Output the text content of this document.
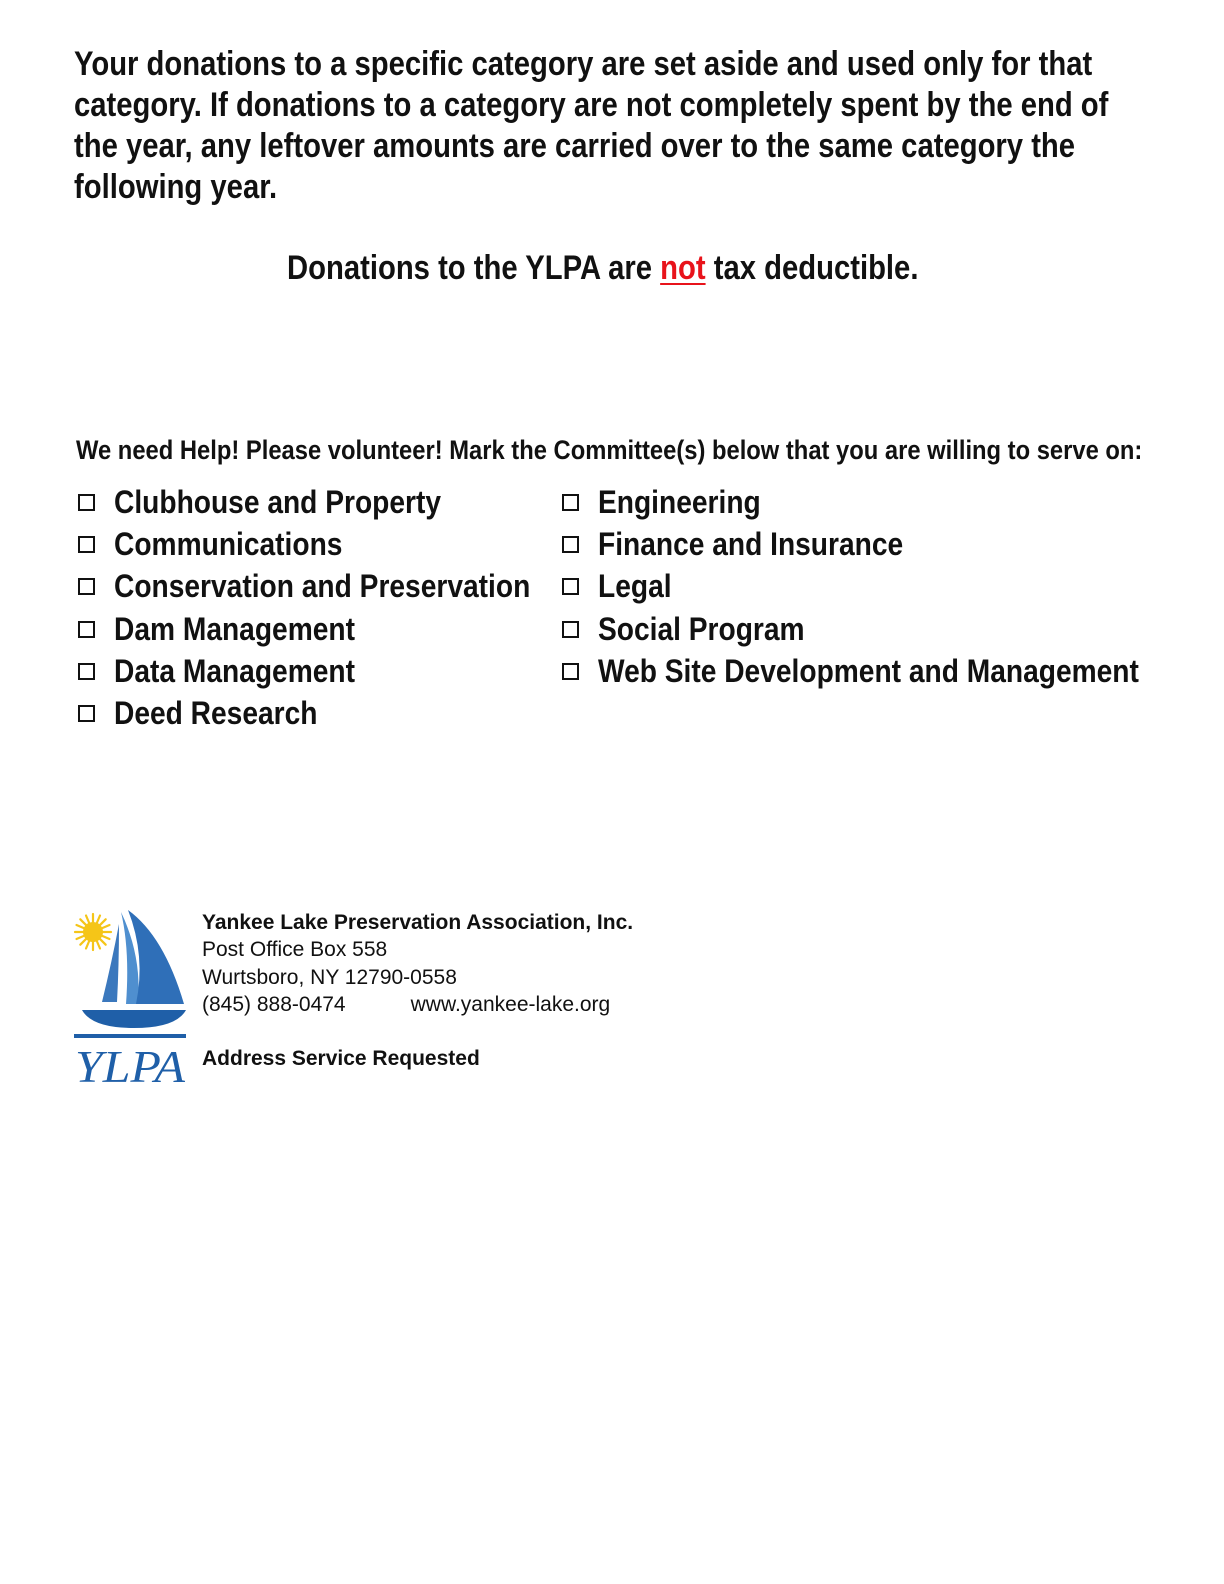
Your donations to a specific category are set aside and used only for that category. If donations to a category are not completely spent by the end of the year, any leftover amounts are carried over to the same category the following year.

Donations to the YLPA are not tax deductible.

We need Help! Please volunteer! Mark the Committee(s) below that you are willing to serve on:

Clubhouse and Property
Communications
Conservation and Preservation
Dam Management
Data Management
Deed Research
Engineering
Finance and Insurance
Legal
Social Program
Web Site Development and Management
YLPA
Yankee Lake Preservation Association, Inc.
Post Office Box 558
Wurtsboro, NY 12790-0558
(845) 888-0474	www.yankee-lake.org
Address Service Requested
